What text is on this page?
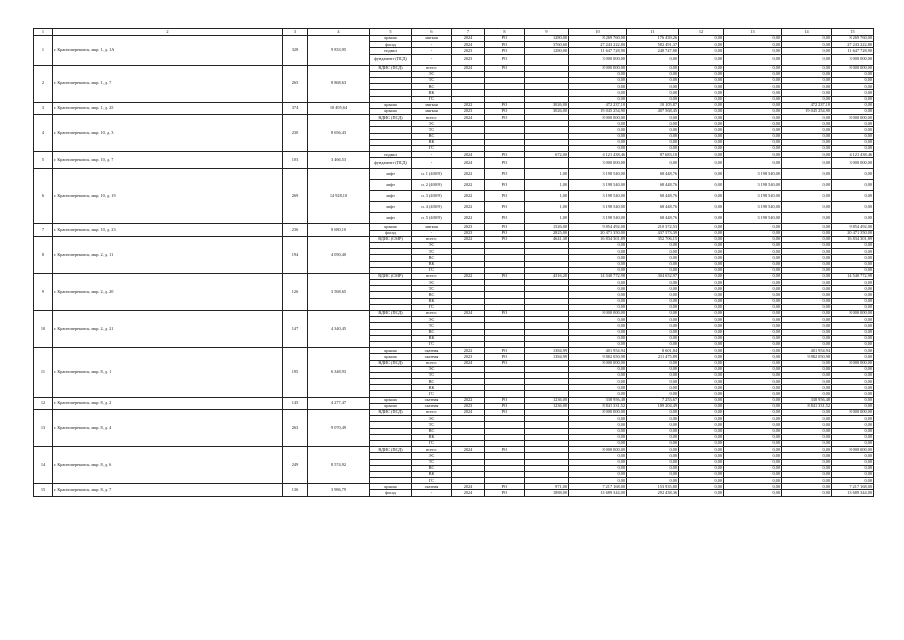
1	2	3	4	5	6	7	8	9	10	11	12	13	14	15
1	г. Красноперекопск, мкр. 1, д. 1А	328	9 833,95	крыша	мягкая	2024	РО	1280,00	8 269 760,00	176 439,26	0,00	0,00	0,00	8 269 760,00
				фасад	-	2024	РО	3760,60	27 243 222,80	582 491,37	0,00	0,00	0,00	27 243 222,80
				подвал	-	2023	РО	1280,00	11 647 728,90	248 747,80	0,00	0,00	0,00	11 647 728,90
				фундамент (ПСД)	-	2023	РО		3 000 000,00	0,00	0,00	0,00	0,00	3 000 000,00
2	г. Красноперекопск, мкр. 1, д. 7	265	8 868,63	ВДИС (ПСД)	всего:	2024	РО		8 000 000,00	0,00	0,00	0,00	0,00	8 000 000,00
					ЭС				0,00	0,00	0,00	0,00	0,00	0,00
					ТС				0,00	0,00	0,00	0,00	0,00	0,00
					ВС				0,00	0,00	0,00	0,00	0,00	0,00
					ВК				0,00	0,00	0,00	0,00	0,00	0,00
					ГС				0,00	0,00	0,00	0,00	0,00	0,00
3	г. Красноперекопск, мкр. 1, д. 25	374	18 495,64	крыша	мягкая	2022	РО	3026,00	472 237,10	10 105,87	0,00	0,00	472 237,10	0,00
				крыша	мягкая	2023	РО	3026,00	19 045 254,90	407 568,45	0,00	0,00	19 045 254,90	0,00
4	г. Красноперекопск, мкр. 10, д. 3	230	8 656,43	ВДИС (ПСД)	всего:	2024	РО		8 000 000,00	0,00	0,00	0,00	0,00	8 000 000,00
					ЭС				0,00	0,00	0,00	0,00	0,00	0,00
					ТС				0,00	0,00	0,00	0,00	0,00	0,00
					ВС				0,00	0,00	0,00	0,00	0,00	0,00
					ВК				0,00	0,00	0,00	0,00	0,00	0,00
					ГС				0,00	0,00	0,00	0,00	0,00	0,00
5	г. Красноперекопск, мкр. 10, д. 7	103	3 466,53	подвал	-	2024	РО	672,00	4 121 438,46	87 683,18	0,00	0,00	0,00	4 121 438,46
				фундамент (ПСД)	-	2024	РО		3 000 000,00	0,00	0,00	0,00	0,00	3 000 000,00
6	г. Красноперекопск, мкр. 10, д. 19	269	14 928,10	лифт	п. 1 (400/9)	2022	РО	1,00	3 198 540,00	68 448,76	0,00	3 198 540,00	0,00	0,00
				лифт	п. 2 (400/9)	2022	РО	1,00	3 198 540,00	68 448,76	0,00	3 198 540,00	0,00	0,00
				лифт	п. 3 (400/9)	2022	РО	1,00	3 198 540,00	68 448,76	0,00	3 198 540,00	0,00	0,00
				лифт	п. 4 (400/9)	2022	РО	1,00	3 198 540,00	68 448,76	0,00	3 198 540,00	0,00	0,00
				лифт	п. 5 (400/9)	2022	РО	1,00	3 198 540,00	68 448,76	0,00	3 198 540,00	0,00	0,00
7	г. Красноперекопск, мкр. 10, д. 23	236	8 680,10	крыша	мягкая	2023	РО	1526,00	9 854 492,00	210 372,53	0,00	0,00	0,00	9 854 492,00
				фасад	-	2023	РО	2825,00	20 471 350,00	437 573,39	0,00	0,00	0,00	20 471 350,00
8	г. Красноперекопск, мкр. 2, д. 11	194	4 050,40	ВДИС (СМР)	всего:	2022	РО	4641,38	16 834 301,89	352 706,15	0,00	0,00	0,00	16 834 301,89
					ЭС				0,00	0,00	0,00	0,00	0,00	0,00
					ТС				0,00	0,00	0,00	0,00	0,00	0,00
					ВС				0,00	0,00	0,00	0,00	0,00	0,00
					ВК				0,00	0,00	0,00	0,00	0,00	0,00
					ГС				0,00	0,00	0,00	0,00	0,00	0,00
9	г. Красноперекопск, мкр. 2, д. 20	126	3 568,65	ВДИС (СМР)	всего:	2022	РО	4316,20	14 540 772,98	304 652,97	0,00	0,00	0,00	14 540 772,98
					ЭС				0,00	0,00	0,00	0,00	0,00	0,00
					ТС				0,00	0,00	0,00	0,00	0,00	0,00
					ВС				0,00	0,00	0,00	0,00	0,00	0,00
					ВК				0,00	0,00	0,00	0,00	0,00	0,00
					ГС				0,00	0,00	0,00	0,00	0,00	0,00
10	г. Красноперекопск, мкр. 2, д. 21	147	4 340,45	ВДИС (ПСД)	всего:	2024	РО		8 000 000,00	0,00	0,00	0,00	0,00	8 000 000,00
					ЭС				0,00	0,00	0,00	0,00	0,00	0,00
					ТС				0,00	0,00	0,00	0,00	0,00	0,00
					ВС				0,00	0,00	0,00	0,00	0,00	0,00
					ВК				0,00	0,00	0,00	0,00	0,00	0,00
					ГС				0,00	0,00	0,00	0,00	0,00	0,00
11	г. Красноперекопск, мкр. 8, д. 1	195	6 348,93	крыша	скатная	2022	РО	1384,99	401 954,94	8 601,84	0,00	0,00	401 954,94	0,00
				крыша	скатная	2023	РО	1384,99	9 882 050,98	211 475,89	0,00	0,00	9 882 050,98	0,00
				ВДИС (ПСД)	всего:	2024	РО		8 000 000,00	0,00	0,00	0,00	0,00	8 000 000,00
					ЭС				0,00	0,00	0,00	0,00	0,00	0,00
					ТС				0,00	0,00	0,00	0,00	0,00	0,00
					ВС				0,00	0,00	0,00	0,00	0,00	0,00
					ВК				0,00	0,00	0,00	0,00	0,00	0,00
					ГС				0,00	0,00	0,00	0,00	0,00	0,00
12	г. Красноперекопск, мкр. 8, д. 2	145	4 277,47	крыша	скатная	2022	РО	1236,00	338 956,48	7 253,67	0,00	0,00	338 956,48	0,00
				крыша	скатная	2023	РО	1236,00	8 841 331,52	189 204,49	0,00	0,00	8 841 331,52	0,00
13	г. Красноперекопск, мкр. 8, д. 4	263	9 070,49	ВДИС (ПСД)	всего:	2024	РО		8 000 000,00	0,00	0,00	0,00	0,00	8 000 000,00
					ЭС				0,00	0,00	0,00	0,00	0,00	0,00
					ТС				0,00	0,00	0,00	0,00	0,00	0,00
					ВС				0,00	0,00	0,00	0,00	0,00	0,00
					ВК				0,00	0,00	0,00	0,00	0,00	0,00
					ГС				0,00	0,00	0,00	0,00	0,00	0,00
14	г. Красноперекопск, мкр. 8, д. 6	249	8 574,92	ВДИС (ПСД)	всего:	2024	РО		8 000 000,00	0,00	0,00	0,00	0,00	8 000 000,00
					ЭС				0,00	0,00	0,00	0,00	0,00	0,00
					ТС				0,00	0,00	0,00	0,00	0,00	0,00
					ВС				0,00	0,00	0,00	0,00	0,00	0,00
					ВК				0,00	0,00	0,00	0,00	0,00	0,00
					ГС				0,00	0,00	0,00	0,00	0,00	0,00
15	г. Красноперекопск, мкр. 8, д. 7	136	3 986,79	крыша	скатная	2024	РО	971,00	7 217 168,00	153 935,80	0,00	0,00	0,00	7 217 168,00
				фасад	-	2024	РО	1888,00	13 689 344,00	292 438,36	0,00	0,00	0,00	13 689 344,00
